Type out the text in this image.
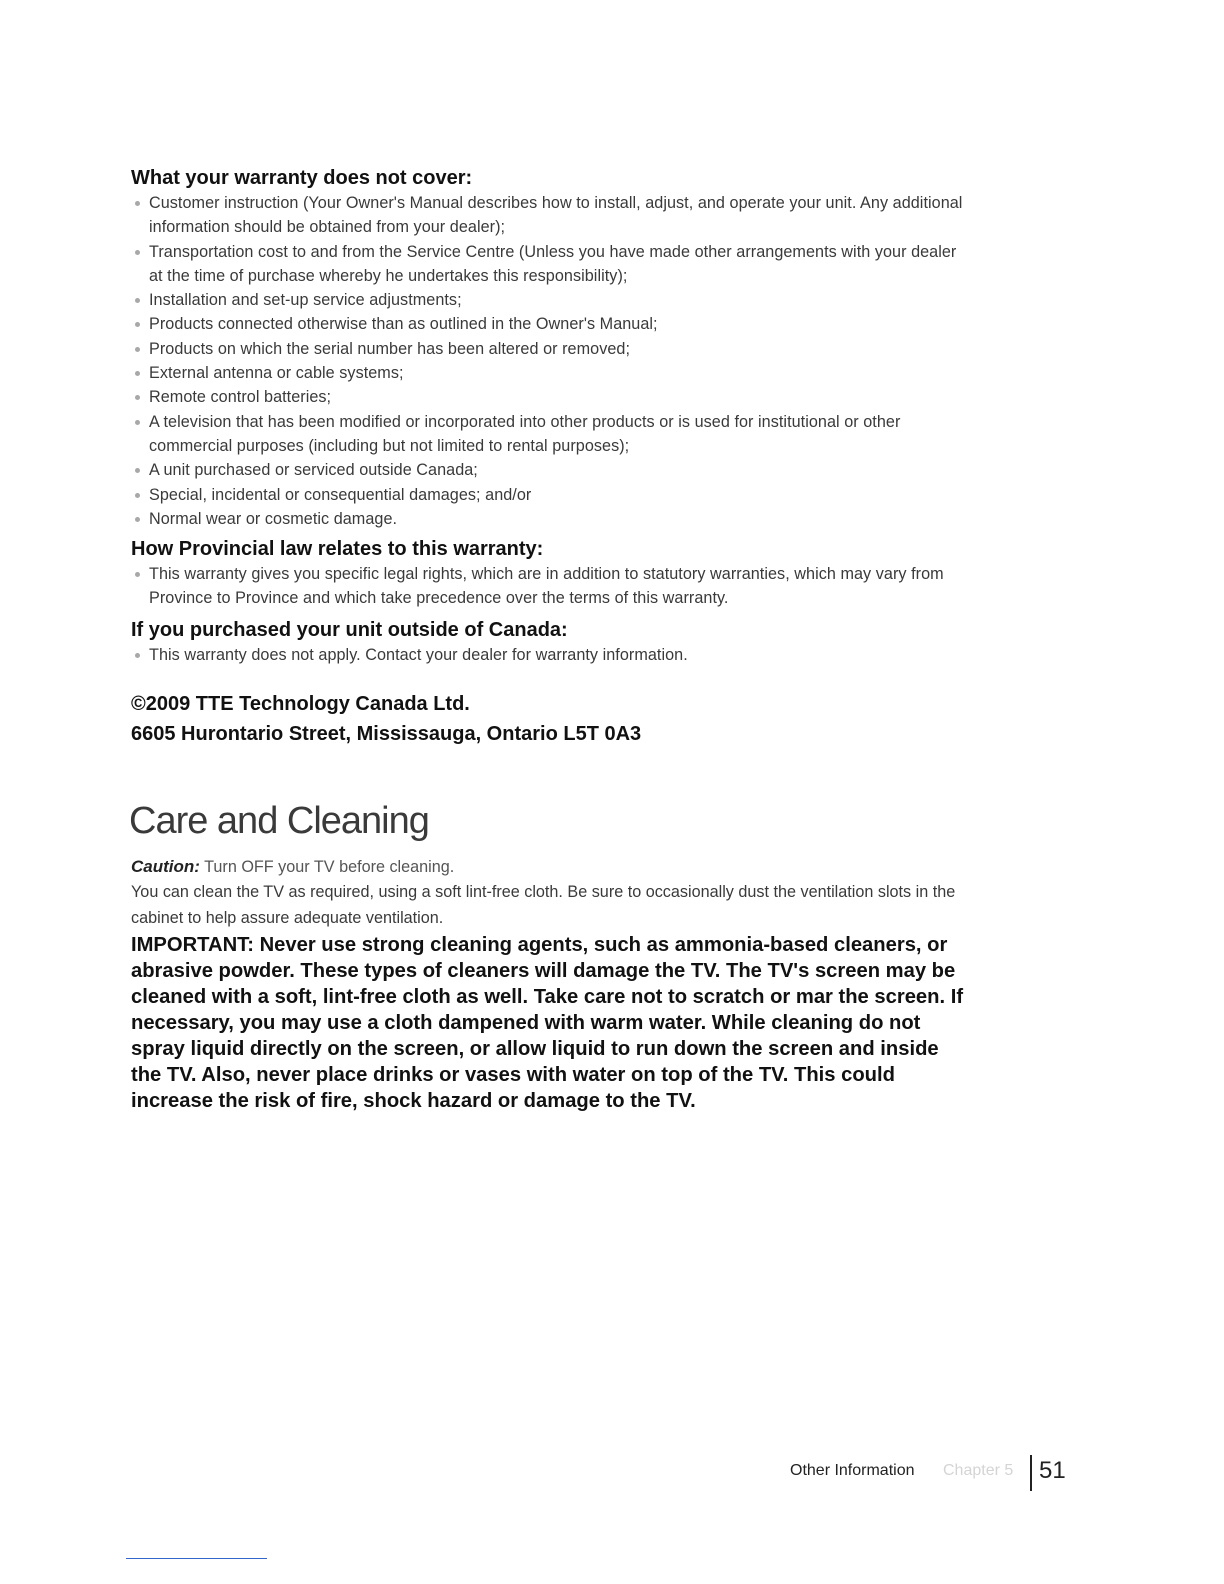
What your warranty does not cover:
Customer instruction (Your Owner's Manual describes how to install, adjust, and operate your unit. Any additional information should be obtained from your dealer);
Transportation cost to and from the Service Centre (Unless you have made other arrangements with your dealer at the time of purchase whereby he undertakes this responsibility);
Installation and set-up service adjustments;
Products connected otherwise than as outlined in the Owner's Manual;
Products on which the serial number has been altered or removed;
External antenna or cable systems;
Remote control batteries;
A television that has been modified or incorporated into other products or is used for institutional or other commercial purposes (including but not limited to rental purposes);
A unit purchased or serviced outside Canada;
Special, incidental or consequential damages; and/or
Normal wear or cosmetic damage.
How Provincial law relates to this warranty:
This warranty gives you specific legal rights, which are in addition to statutory warranties, which may vary from Province to Province and which take precedence over the terms of this warranty.
If you purchased your unit outside of Canada:
This warranty does not apply. Contact your dealer for warranty information.
©2009 TTE Technology Canada Ltd.
6605 Hurontario Street, Mississauga, Ontario L5T 0A3
Care and Cleaning
Caution: Turn OFF your TV before cleaning.
You can clean the TV as required, using a soft lint-free cloth. Be sure to occasionally dust the ventilation slots in the cabinet to help assure adequate ventilation.
IMPORTANT: Never use strong cleaning agents, such as ammonia-based cleaners, or abrasive powder. These types of cleaners will damage the TV. The TV's screen may be cleaned with a soft, lint-free cloth as well. Take care not to scratch or mar the screen. If necessary, you may use a cloth dampened with warm water. While cleaning do not spray liquid directly on the screen, or allow liquid to run down the screen and inside the TV. Also, never place drinks or vases with water on top of the TV. This could increase the risk of fire, shock hazard or damage to the TV.
Other Information Chapter 5 51
